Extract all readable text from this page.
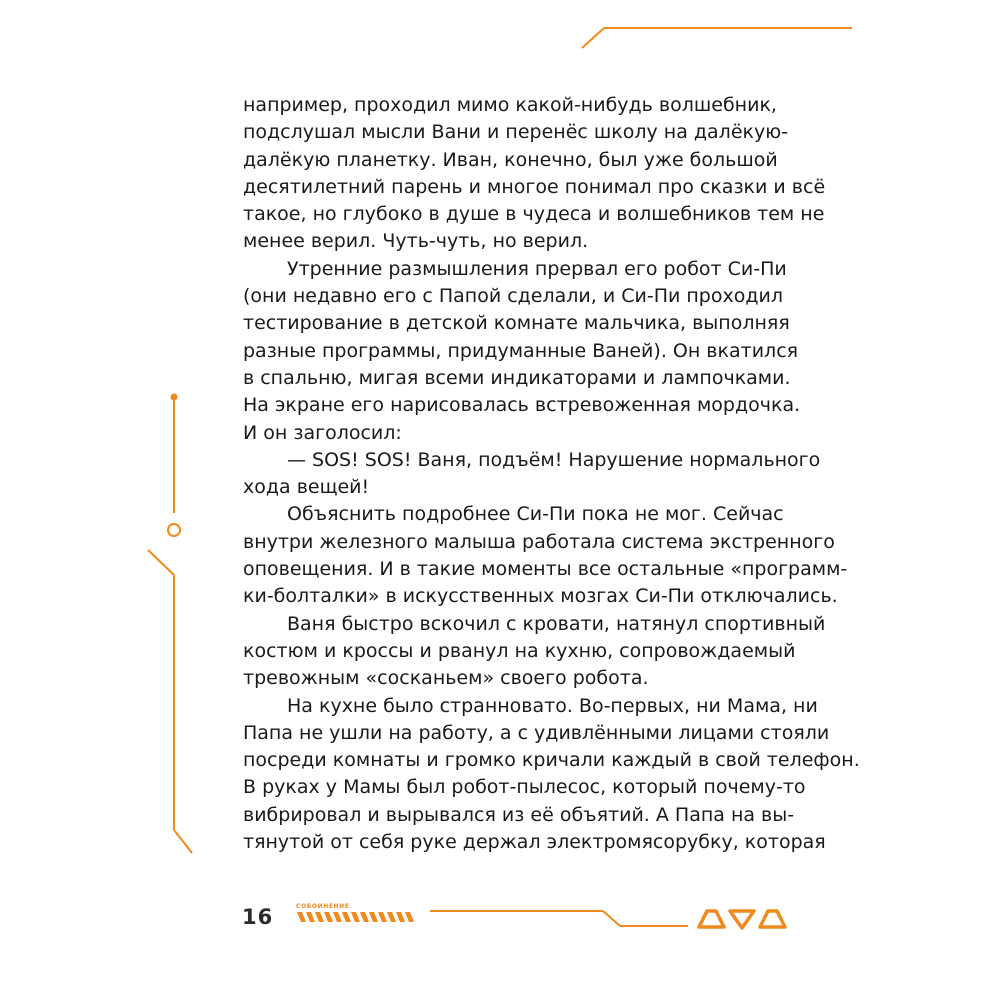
например, проходил мимо какой-нибудь волшебник,
подслушал мысли Вани и перенёс школу на далёкую-
далёкую планетку. Иван, конечно, был уже большой
десятилетний парень и многое понимал про сказки и всё
такое, но глубоко в душе в чудеса и волшебников тем не
менее верил. Чуть-чуть, но верил.
Утренние размышления прервал его робот Си-Пи
(они недавно его с Папой сделали, и Си-Пи проходил
тестирование в детской комнате мальчика, выполняя
разные программы, придуманные Ваней). Он вкатился
в спальню, мигая всеми индикаторами и лампочками.
На экране его нарисовалась встревоженная мордочка.
И он заголосил:
— SOS! SOS! Ваня, подъём! Нарушение нормального
хода вещей!
Объяснить подробнее Си-Пи пока не мог. Сейчас
внутри железного малыша работала система экстренного
оповещения. И в такие моменты все остальные «программ-
ки-болталки» в искусственных мозгах Си-Пи отключались.
Ваня быстро вскочил с кровати, натянул спортивный
костюм и кроссы и рванул на кухню, сопровождаемый
тревожным «сосканьем» своего робота.
На кухне было странновато. Во-первых, ни Мама, ни
Папа не ушли на работу, а с удивлёнными лицами стояли
посреди комнаты и громко кричали каждый в свой телефон.
В руках у Мамы был робот-пылесос, который почему-то
вибрировал и вырывался из её объятий. А Папа на вы-
тянутой от себя руке держал электромясорубку, которая
16	СОБОИНЕНИЕ
